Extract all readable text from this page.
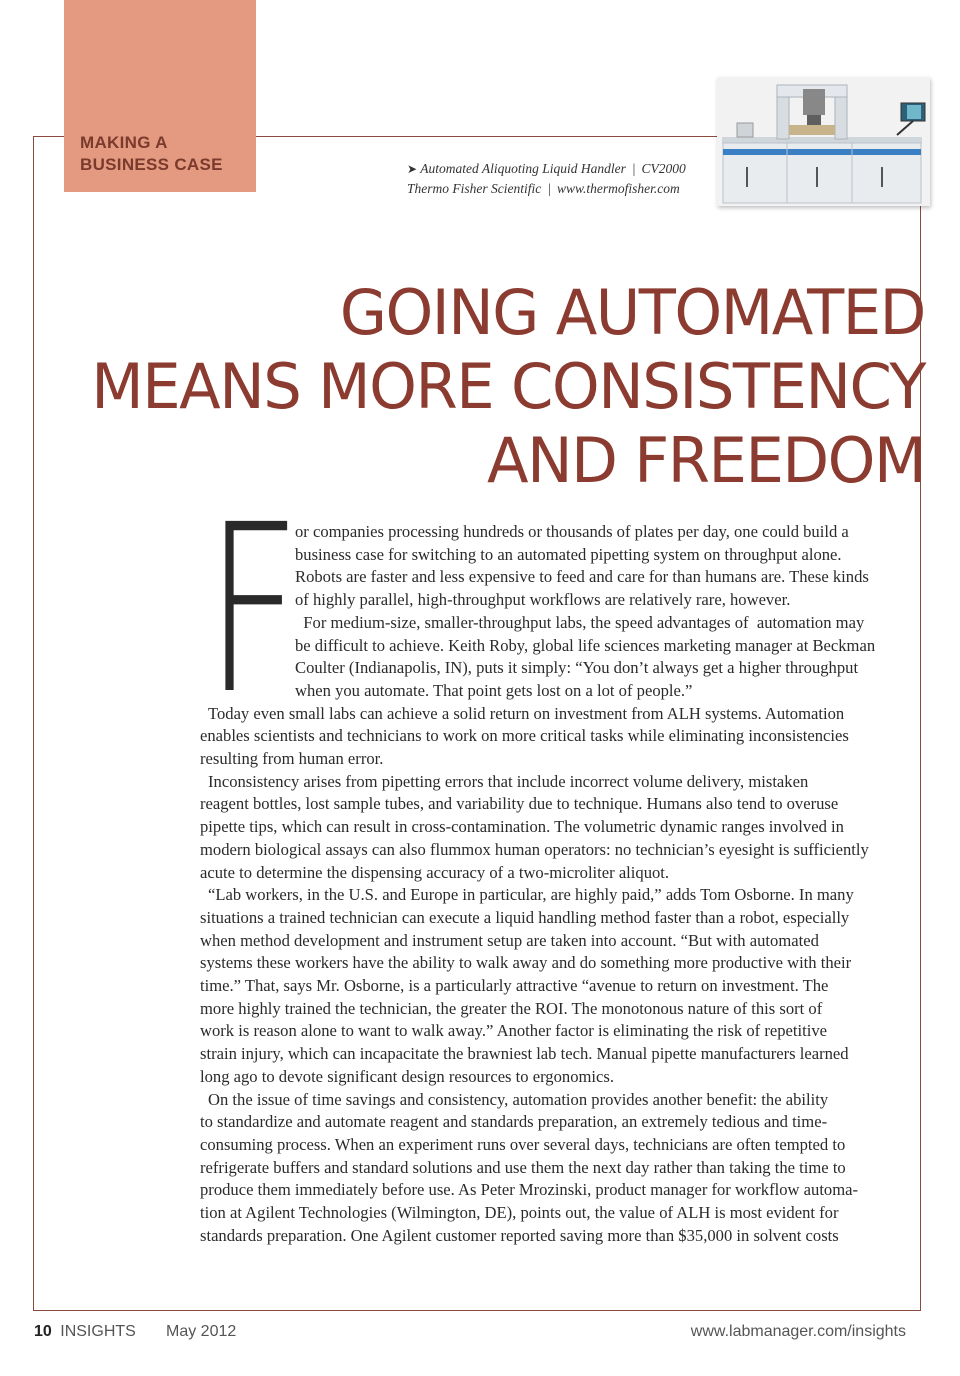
MAKING A
BUSINESS CASE	➤ Automated Aliquoting Liquid Handler | CV2000
Thermo Fisher Scientific | www.thermofisher.com
GOING AUTOMATED
MEANS MORE CONSISTENCY
AND FREEDOM
F
or companies processing hundreds or thousands of plates per day, one could build a
business case for switching to an automated pipetting system on throughput alone.
Robots are faster and less expensive to feed and care for than humans are. These kinds
of highly parallel, high-throughput workflows are relatively rare, however.
For medium-size, smaller-throughput labs, the speed advantages of  automation may
be difficult to achieve. Keith Roby, global life sciences marketing manager at Beckman
Coulter (Indianapolis, IN), puts it simply: “You don’t always get a higher throughput
when you automate. That point gets lost on a lot of people.”
Today even small labs can achieve a solid return on investment from ALH systems. Automation
enables scientists and technicians to work on more critical tasks while eliminating inconsistencies
resulting from human error.
Inconsistency arises from pipetting errors that include incorrect volume delivery, mistaken
reagent bottles, lost sample tubes, and variability due to technique. Humans also tend to overuse
pipette tips, which can result in cross-contamination. The volumetric dynamic ranges involved in
modern biological assays can also flummox human operators: no technician’s eyesight is sufficiently
acute to determine the dispensing accuracy of a two-microliter aliquot.
“Lab workers, in the U.S. and Europe in particular, are highly paid,” adds Tom Osborne. In many
situations a trained technician can execute a liquid handling method faster than a robot, especially
when method development and instrument setup are taken into account. “But with automated
systems these workers have the ability to walk away and do something more productive with their
time.” That, says Mr. Osborne, is a particularly attractive “avenue to return on investment. The
more highly trained the technician, the greater the ROI. The monotonous nature of this sort of
work is reason alone to want to walk away.” Another factor is eliminating the risk of repetitive
strain injury, which can incapacitate the brawniest lab tech. Manual pipette manufacturers learned
long ago to devote significant design resources to ergonomics.
On the issue of time savings and consistency, automation provides another benefit: the ability
to standardize and automate reagent and standards preparation, an extremely tedious and time-
consuming process. When an experiment runs over several days, technicians are often tempted to
refrigerate buffers and standard solutions and use them the next day rather than taking the time to
produce them immediately before use. As Peter Mrozinski, product manager for workflow automa-
tion at Agilent Technologies (Wilmington, DE), points out, the value of ALH is most evident for
standards preparation. One Agilent customer reported saving more than $35,000 in solvent costs
10 INSIGHTS May 2012	www.labmanager.com/insights
